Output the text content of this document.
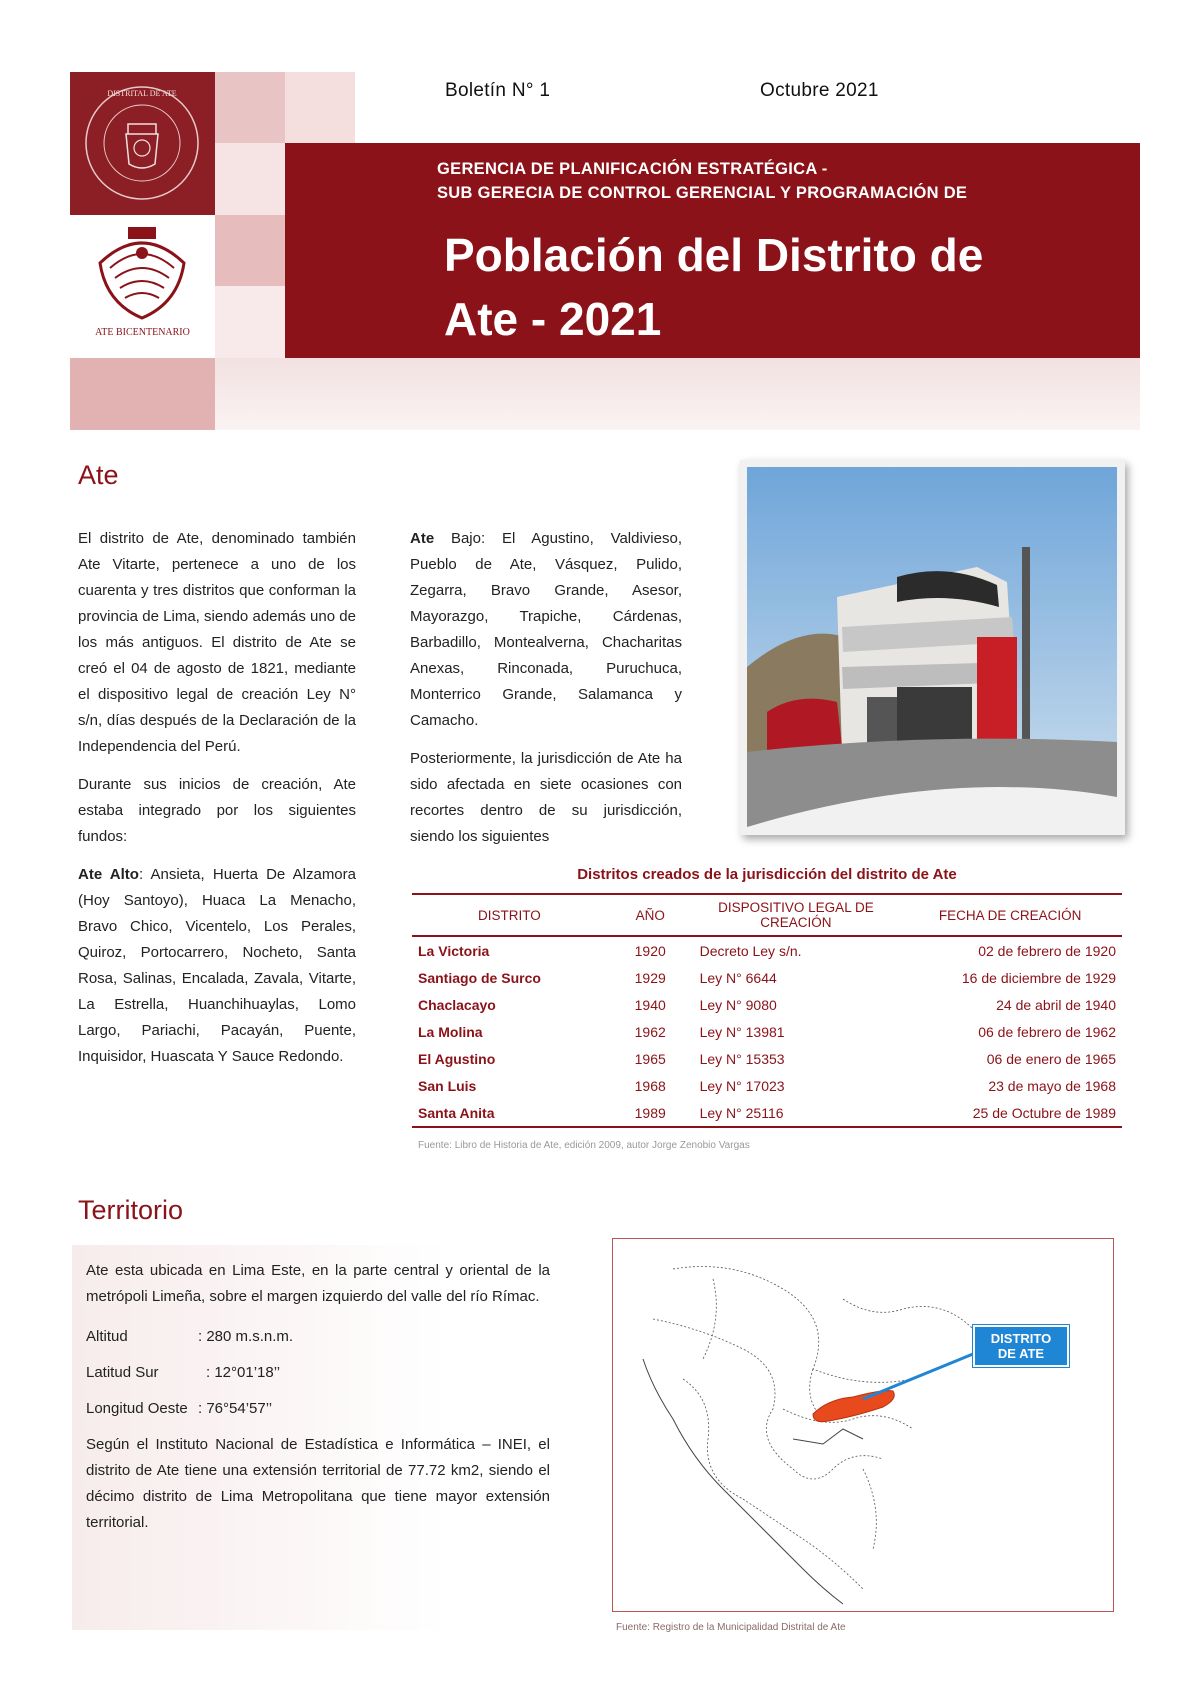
DISTRITAL DE ATE
ATE BICENTENARIO
Boletín N° 1	Octubre 2021
GERENCIA DE PLANIFICACIÓN ESTRATÉGICA -
SUB GERECIA DE CONTROL GERENCIAL Y PROGRAMACIÓN DE
Población del Distrito de
Ate - 2021
Ate

El distrito de Ate, denominado también Ate Vitarte, pertenece a uno de los cuarenta y tres distritos que conforman la provincia de Lima, siendo además uno de los más antiguos. El distrito de Ate se creó el 04 de agosto de 1821, mediante el dispositivo legal de creación Ley N° s/n, días después de la Declaración de la Independencia del Perú.

Durante sus inicios de creación, Ate estaba integrado por los siguientes fundos:

Ate Alto: Ansieta, Huerta De Alzamora (Hoy Santoyo), Huaca La Menacho, Bravo Chico, Vicentelo, Los Perales, Quiroz, Portocarrero, Nocheto, Santa Rosa, Salinas, Encalada, Zavala, Vitarte, La Estrella, Huanchihuaylas, Lomo Largo, Pariachi, Pacayán, Puente, Inquisidor, Huascata Y Sauce Redondo.

Ate Bajo: El Agustino, Valdivieso, Pueblo de Ate, Vásquez, Pulido, Zegarra, Bravo Grande, Asesor, Mayorazgo, Trapiche, Cárdenas, Barbadillo, Montealverna, Chacharitas Anexas, Rinconada, Puruchuca, Monterrico Grande, Salamanca y Camacho.

Posteriormente, la jurisdicción de Ate ha sido afectada en siete ocasiones con recortes dentro de su jurisdicción, siendo los siguientes

Distritos creados de la jurisdicción del distrito de Ate
DISTRITO	AÑO	DISPOSITIVO LEGAL DE CREACIÓN	FECHA DE CREACIÓN
La Victoria	1920	Decreto Ley s/n.	02 de febrero de 1920
Santiago de Surco	1929	Ley N° 6644	16 de diciembre de 1929
Chaclacayo	1940	Ley N° 9080	24 de abril de 1940
La Molina	1962	Ley N° 13981	06 de febrero de 1962
El Agustino	1965	Ley N° 15353	06 de enero de 1965
San Luis	1968	Ley N° 17023	23 de mayo de 1968
Santa Anita	1989	Ley N° 25116	25 de Octubre de 1989
Fuente: Libro de Historia de Ate, edición 2009, autor Jorge Zenobio Vargas
Territorio

Ate esta ubicada en Lima Este, en la parte central y oriental de la metrópoli Limeña, sobre el margen izquierdo del valle del río Rímac.

Altitud	: 280 m.s.n.m.
Latitud Sur	: 12°01’18’’
Longitud Oeste : 76°54’57’’

Según el Instituto Nacional de Estadística e Informática – INEI, el distrito de Ate tiene una extensión territorial de 77.72 km2, siendo el décimo distrito de Lima Metropolitana que tiene mayor extensión territorial.

DISTRITO
DE ATE
Fuente: Registro de la Municipalidad Distrital de Ate
